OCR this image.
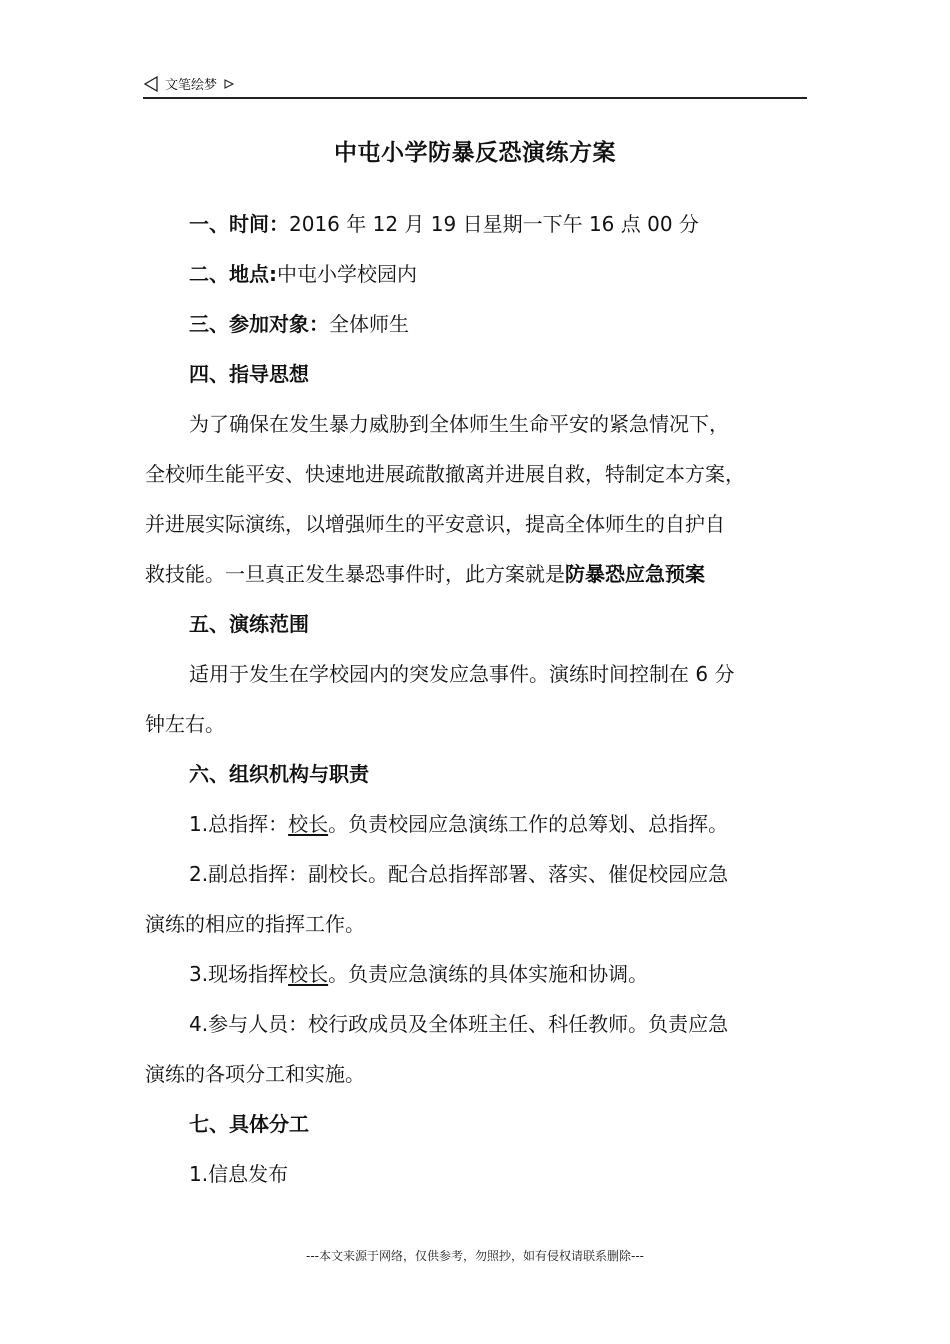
文笔绘梦
中屯小学防暴反恐演练方案
一、时间：2016 年 12 月 19 日星期一下午 16 点 00 分
二、地点:中屯小学校园内
三、参加对象：全体师生
四、指导思想
为了确保在发生暴力威胁到全体师生生命平安的紧急情况下，
全校师生能平安、快速地进展疏散撤离并进展自救，特制定本方案，
并进展实际演练，以增强师生的平安意识，提高全体师生的自护自
救技能。一旦真正发生暴恐事件时，此方案就是防暴恐应急预案
五、演练范围
适用于发生在学校园内的突发应急事件。演练时间控制在 6 分
钟左右。
六、组织机构与职责
1.总指挥：校长。负责校园应急演练工作的总筹划、总指挥。
2.副总指挥：副校长。配合总指挥部署、落实、催促校园应急
演练的相应的指挥工作。
3.现场指挥校长。负责应急演练的具体实施和协调。
4.参与人员：校行政成员及全体班主任、科任教师。负责应急
演练的各项分工和实施。
七、具体分工
1.信息发布
---本文来源于网络，仅供参考，勿照抄，如有侵权请联系删除---
